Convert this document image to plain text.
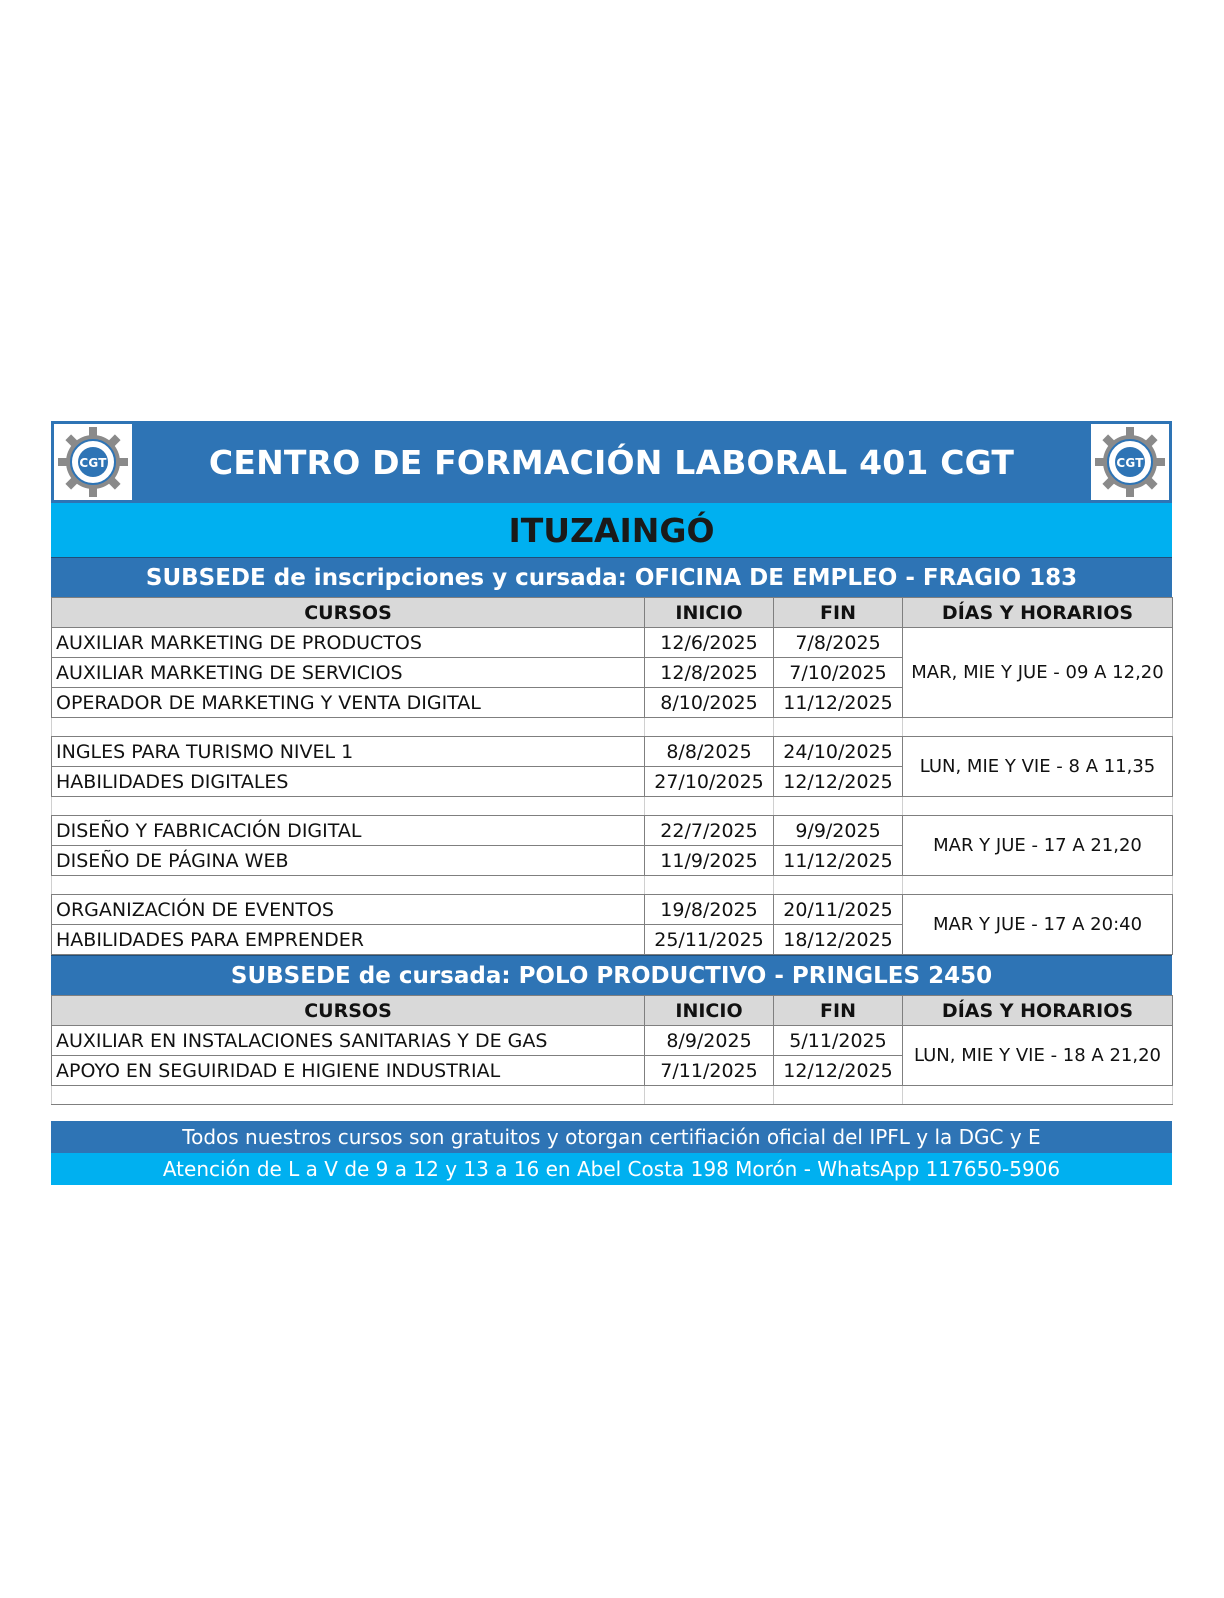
CGT	CENTRO DE FORMACIÓN LABORAL 401 CGT	CGT
ITUZAINGÓ
SUBSEDE de inscripciones y cursada: OFICINA DE EMPLEO - FRAGIO 183
CURSOS	INICIO	FIN	DÍAS Y HORARIOS
AUXILIAR MARKETING DE PRODUCTOS	12/6/2025	7/8/2025	MAR, MIE Y JUE - 09 A 12,20
AUXILIAR MARKETING DE SERVICIOS	12/8/2025	7/10/2025	
OPERADOR DE MARKETING Y VENTA DIGITAL	8/10/2025	11/12/2025	

INGLES PARA TURISMO NIVEL 1	8/8/2025	24/10/2025	LUN, MIE Y VIE - 8 A 11,35
HABILIDADES DIGITALES	27/10/2025	12/12/2025	

DISEÑO Y FABRICACIÓN DIGITAL	22/7/2025	9/9/2025	MAR Y JUE - 17 A 21,20
DISEÑO DE PÁGINA WEB	11/9/2025	11/12/2025	

ORGANIZACIÓN DE EVENTOS	19/8/2025	20/11/2025	MAR Y JUE - 17 A 20:40
HABILIDADES PARA EMPRENDER	25/11/2025	18/12/2025	
SUBSEDE de cursada: POLO PRODUCTIVO - PRINGLES 2450
CURSOS	INICIO	FIN	DÍAS Y HORARIOS
AUXILIAR EN INSTALACIONES SANITARIAS Y DE GAS	8/9/2025	5/11/2025	LUN, MIE Y VIE - 18 A 21,20
APOYO EN SEGUIRIDAD E HIGIENE INDUSTRIAL	7/11/2025	12/12/2025	

Todos nuestros cursos son gratuitos y otorgan certifiación oficial del IPFL y la DGC y E
Atención de L a V de 9 a 12 y 13 a 16 en Abel Costa 198 Morón - WhatsApp 117650-5906
